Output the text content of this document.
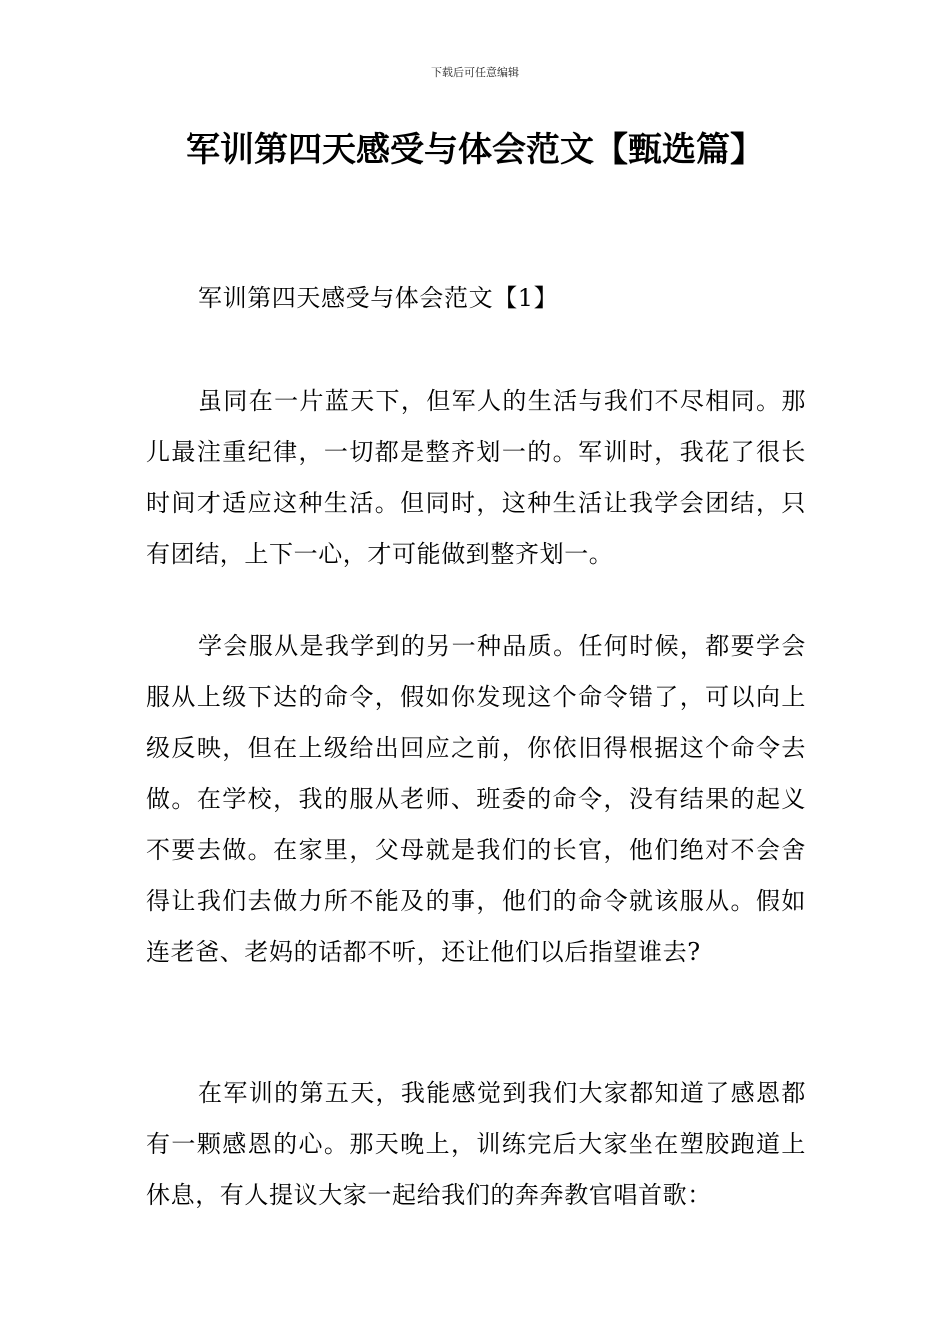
下载后可任意编辑
军训第四天感受与体会范文【甄选篇】
军训第四天感受与体会范文【1】

虽同在一片蓝天下，但军人的生活与我们不尽相同。那儿最注重纪律，一切都是整齐划一的。军训时，我花了很长时间才适应这种生活。但同时，这种生活让我学会团结，只有团结，上下一心，才可能做到整齐划一。

学会服从是我学到的另一种品质。任何时候，都要学会服从上级下达的命令，假如你发现这个命令错了，可以向上级反映，但在上级给出回应之前，你依旧得根据这个命令去做。在学校，我的服从老师、班委的命令，没有结果的起义不要去做。在家里，父母就是我们的长官，他们绝对不会舍得让我们去做力所不能及的事，他们的命令就该服从。假如连老爸、老妈的话都不听，还让他们以后指望谁去?

在军训的第五天，我能感觉到我们大家都知道了感恩都有一颗感恩的心。那天晚上，训练完后大家坐在塑胶跑道上休息，有人提议大家一起给我们的奔奔教官唱首歌：
